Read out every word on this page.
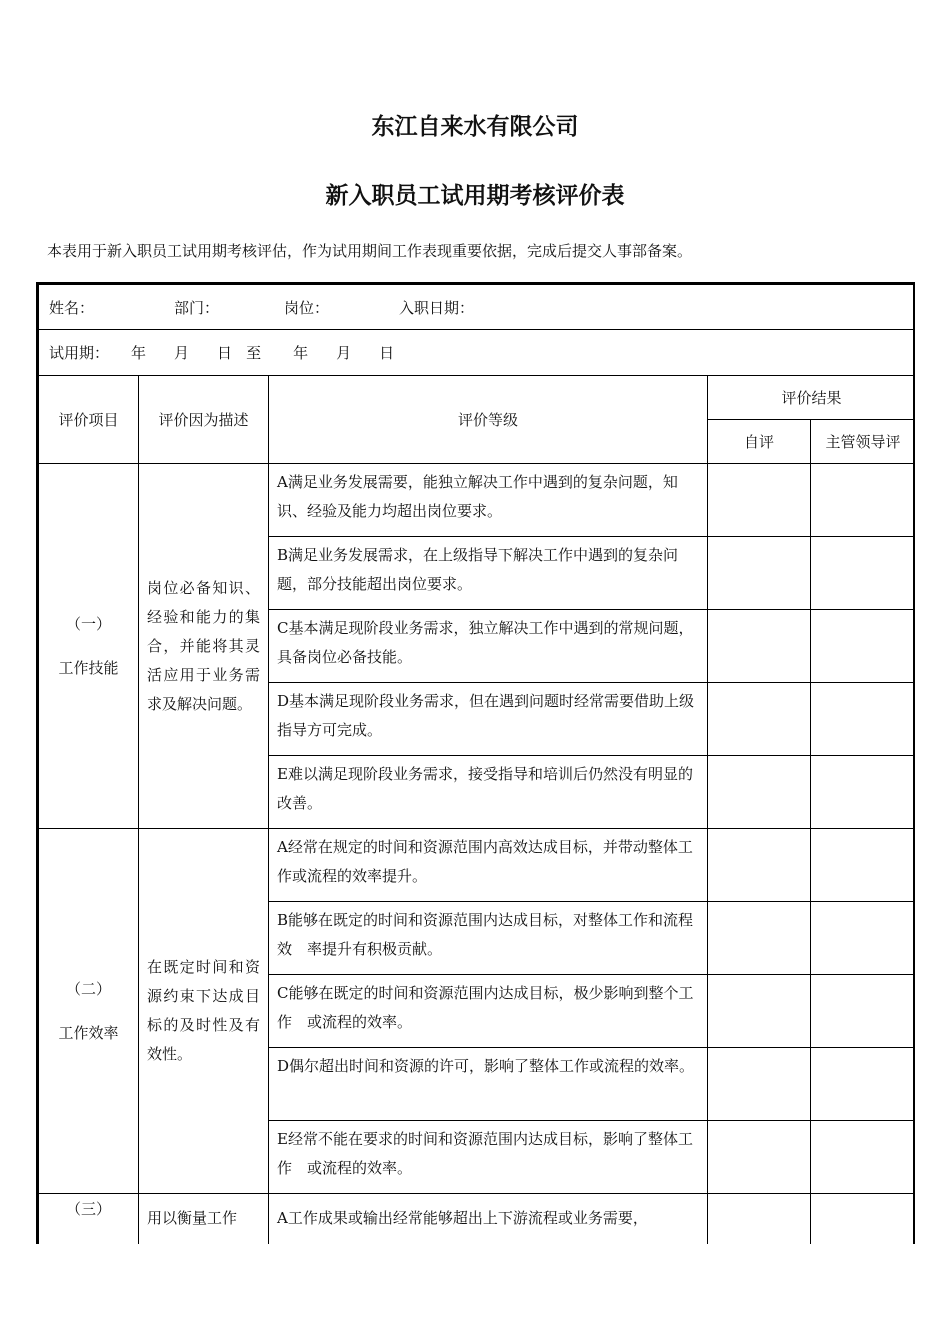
东江自来水有限公司
新入职员工试用期考核评价表
本表用于新入职员工试用期考核评估，作为试用期间工作表现重要依据，完成后提交人事部备案。
姓名： 部门： 岗位： 入职日期：				
试用期： 年 月 日 至 年 月 日				
评价项目	评价因为描述	评价等级	评价结果	
			自评	主管领导评

（一）
工作技能	岗位必备知识、经验和能力的集合，并能将其灵活应用于业务需求及解决问题。	A满足业务发展需要，能独立解决工作中遇到的复杂问题，知识、经验及能力均超出岗位要求。		
		B满足业务发展需求，在上级指导下解决工作中遇到的复杂问题，部分技能超出岗位要求。		
		C基本满足现阶段业务需求，独立解决工作中遇到的常规问题，具备岗位必备技能。		
		D基本满足现阶段业务需求，但在遇到问题时经常需要借助上级指导方可完成。		
		E难以满足现阶段业务需求，接受指导和培训后仍然没有明显的改善。		

（二）
工作效率	在既定时间和资源约束下达成目标的及时性及有效性。	A经常在规定的时间和资源范围内高效达成目标，并带动整体工作或流程的效率提升。		
		B能够在既定的时间和资源范围内达成目标，对整体工作和流程效　率提升有积极贡献。		
		C能够在既定的时间和资源范围内达成目标，极少影响到整个工作　或流程的效率。		
		D偶尔超出时间和资源的许可，影响了整体工作或流程的效率。		
		E经常不能在要求的时间和资源范围内达成目标，影响了整体工作　或流程的效率。		
（三）	用以衡量工作	A工作成果或输出经常能够超出上下游流程或业务需要，		
